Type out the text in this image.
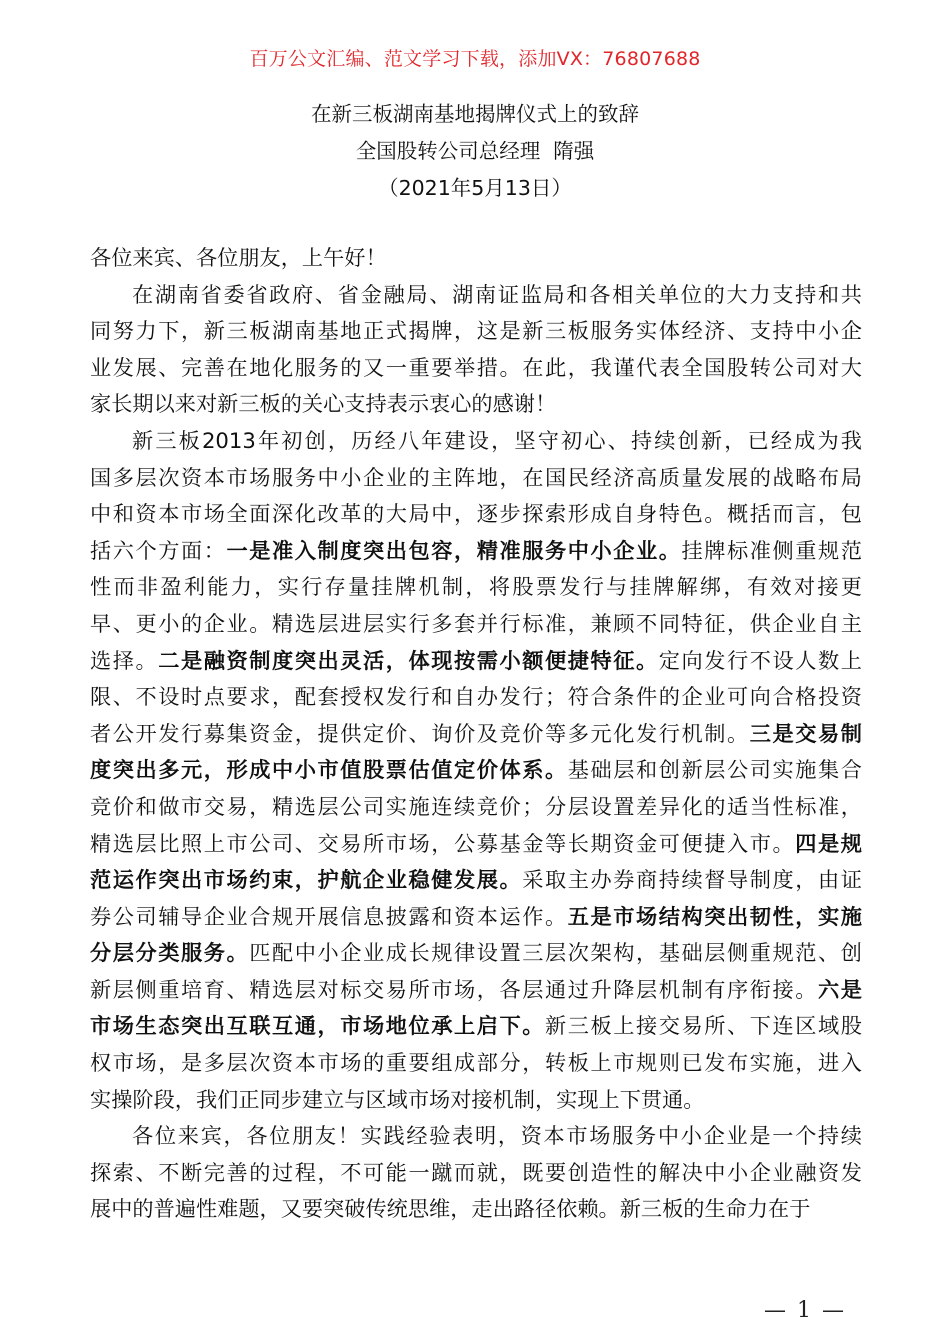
百万公文汇编、范文学习下载，添加VX：76807688
在新三板湖南基地揭牌仪式上的致辞
全国股转公司总经理  隋强
（2021年5月13日）
各位来宾、各位朋友，上午好！
在湖南省委省政府、省金融局、湖南证监局和各相关单位的大力支持和共
同努力下，新三板湖南基地正式揭牌，这是新三板服务实体经济、支持中小企
业发展、完善在地化服务的又一重要举措。在此，我谨代表全国股转公司对大
家长期以来对新三板的关心支持表示衷心的感谢！
新三板2013年初创，历经八年建设，坚守初心、持续创新，已经成为我
国多层次资本市场服务中小企业的主阵地，在国民经济高质量发展的战略布局
中和资本市场全面深化改革的大局中，逐步探索形成自身特色。概括而言，包
括六个方面：一是准入制度突出包容，精准服务中小企业。挂牌标准侧重规范
性而非盈利能力，实行存量挂牌机制，将股票发行与挂牌解绑，有效对接更
早、更小的企业。精选层进层实行多套并行标准，兼顾不同特征，供企业自主
选择。二是融资制度突出灵活，体现按需小额便捷特征。定向发行不设人数上
限、不设时点要求，配套授权发行和自办发行；符合条件的企业可向合格投资
者公开发行募集资金，提供定价、询价及竞价等多元化发行机制。三是交易制
度突出多元，形成中小市值股票估值定价体系。基础层和创新层公司实施集合
竞价和做市交易，精选层公司实施连续竞价；分层设置差异化的适当性标准，
精选层比照上市公司、交易所市场，公募基金等长期资金可便捷入市。四是规
范运作突出市场约束，护航企业稳健发展。采取主办券商持续督导制度，由证
券公司辅导企业合规开展信息披露和资本运作。五是市场结构突出韧性，实施
分层分类服务。匹配中小企业成长规律设置三层次架构，基础层侧重规范、创
新层侧重培育、精选层对标交易所市场，各层通过升降层机制有序衔接。六是
市场生态突出互联互通，市场地位承上启下。新三板上接交易所、下连区域股
权市场，是多层次资本市场的重要组成部分，转板上市规则已发布实施，进入
实操阶段，我们正同步建立与区域市场对接机制，实现上下贯通。
各位来宾，各位朋友！实践经验表明，资本市场服务中小企业是一个持续
探索、不断完善的过程，不可能一蹴而就，既要创造性的解决中小企业融资发
展中的普遍性难题，又要突破传统思维，走出路径依赖。新三板的生命力在于
— 1 —
